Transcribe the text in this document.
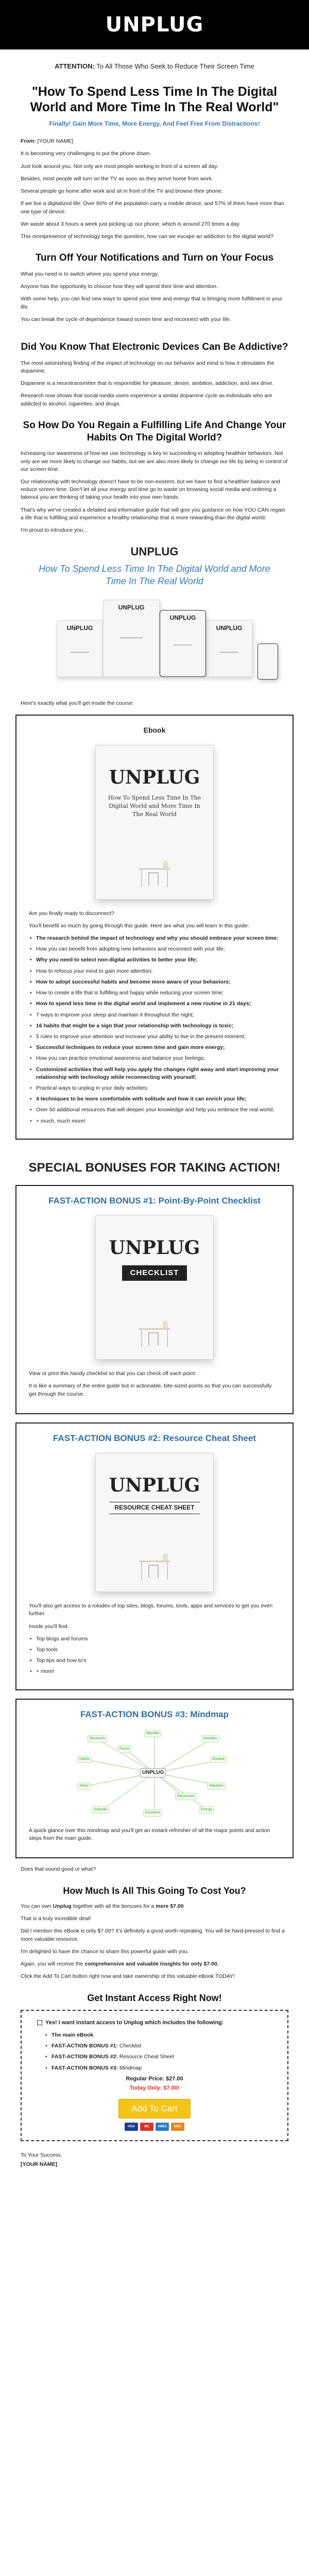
UNPLUG
ATTENTION: To All Those Who Seek to Reduce Their Screen Time
"How To Spend Less Time In The Digital World and More Time In The Real World"
Finally! Gain More Time, More Energy, And Feel Free From Distractions!

From: [YOUR NAME]

It is becoming very challenging to put the phone down.

Just look around you. Not only are most people working in front of a screen all day.

Besides, most people will turn on the TV as soon as they arrive home from work.

Several people go home after work and sit in front of the TV and browse their phone.

If we live a digitalized life: Over 60% of the population carry a mobile device, and 57% of them have more than one type of device.

We waste about 3 hours a week just picking up our phone, which is around 270 times a day.

This omnipresence of technology begs the question, how can we escape an addiction to the digital world?

Turn Off Your Notifications and Turn on Your Focus

What you need is to switch where you spend your energy.

Anyone has the opportunity to choose how they will spend their time and attention.

With some help, you can find new ways to spend your time and energy that is bringing more fulfillment in your life.

You can break the cycle of dependence toward screen time and reconnect with your life.

Did You Know That Electronic Devices Can Be Addictive?

The most astonishing finding of the impact of technology on our behavior and mind is how it stimulates the dopamine.

Dopamine is a neurotransmitter that is responsible for pleasure, desire, ambition, addiction, and sex drive.

Research now shows that social media users experience a similar dopamine cycle as individuals who are addicted to alcohol, cigarettes, and drugs.

So How Do You Regain a Fulfilling Life And Change Your Habits On The Digital World?

Increasing our awareness of how we use technology is key to succeeding in adopting healthier behaviors. Not only are we more likely to change our habits, but we are also more likely to change our life by being in control of our screen time.

Our relationship with technology doesn't have to be non-existent, but we have to find a healthier balance and reduce screen time. Don't let all your energy and time go to waste on browsing social media and ordering a takeout you are thinking of taking your health into your own hands.

That's why we've created a detailed and informative guide that will give you guidance on how YOU CAN regain a life that is fulfilling and experience a healthy relationship that is more rewarding than the digital world.

I'm proud to introduce you...

UNPLUG
How To Spend Less Time In The Digital World and More Time In The Real World
UNPLUG	UNPLUG
UNPLUG
UNPLUG

Here's exactly what you'll get inside the course:

Ebook
UNPLUG
How To Spend Less Time In The Digital World and More Time In The Real World

Are you finally ready to disconnect?

You'll benefit so much by going through this guide. Here are what you will learn in this guide:

• The research behind the impact of technology and why you should embrace your screen time;
• How you can benefit from adopting new behaviors and reconnect with your life;
• Why you need to select non-digital activities to better your life;
• How to refocus your mind to gain more attention;
• How to adopt successful habits and become more aware of your behaviors;
• How to create a life that is fulfilling and happy while reducing your screen time;
• How to spend less time in the digital world and implement a new routine in 21 days;
• 7 ways to improve your sleep and maintain it throughout the night;
• 16 habits that might be a sign that your relationship with technology is toxic;
• 5 rules to improve your attention and increase your ability to live in the present moment;
• Successful techniques to reduce your screen time and gain more energy;
• How you can practice emotional awareness and balance your feelings;
• Customized activities that will help you apply the changes right away and start improving your relationship with technology while reconnecting with yourself;
• Practical ways to unplug in your daily activities;
• 4 techniques to be more comfortable with solitude and how it can enrich your life;
• Over 50 additional resources that will deepen your knowledge and help you embrace the real world;
• + much, much more!
SPECIAL BONUSES FOR TAKING ACTION!
FAST-ACTION BONUS #1: Point-By-Point Checklist
UNPLUG
CHECKLIST

View or print this handy checklist so that you can check off each point.

It is like a summary of the entire guide but in actionable, bite-sized points so that you can successfully get through the course.

FAST-ACTION BONUS #2: Resource Cheat Sheet
UNPLUG
RESOURCE CHEAT SHEET

You'll also get access to a rolodex of top sites, blogs, forums, tools, apps and services to get you even further.

Inside you'll find:

• Top blogs and forums
• Top tools
• Top tips and how to's
• + more!
FAST-ACTION BONUS #3: Mindmap
UNPLUG
Research
Benefits
Activities
Habits	Routine
Sleep	Attention
Solitude
Emotions
Energy
Focus
Resources

A quick glance over this mindmap and you'll get an instant refresher of all the major points and action steps from the main guide.

Does that sound good or what?

How Much Is All This Going To Cost You?

You can own Unplug together with all the bonuses for a mere $7.00

That is a truly incredible deal!

Did I mention this eBook is only $7.00? It's definitely a good worth repeating. You will be hard-pressed to find a more valuable resource.

I'm delighted to have the chance to share this powerful guide with you.

Again, you will receive the comprehensive and valuable insights for only $7.00.

Click the Add To Cart button right now and take ownership of this valuable eBook TODAY!

Get Instant Access Right Now!
Yes! I want instant access to Unplug which includes the following:
• The main eBook
• FAST-ACTION BONUS #1: Checklist
• FAST-ACTION BONUS #2: Resource Cheat Sheet
• FAST-ACTION BONUS #3: Mindmap
Regular Price: $27.00
Today Only: $7.00!
Add To Cart
VISA	MC	AMEX	DISC

To Your Success,

[YOUR NAME]
